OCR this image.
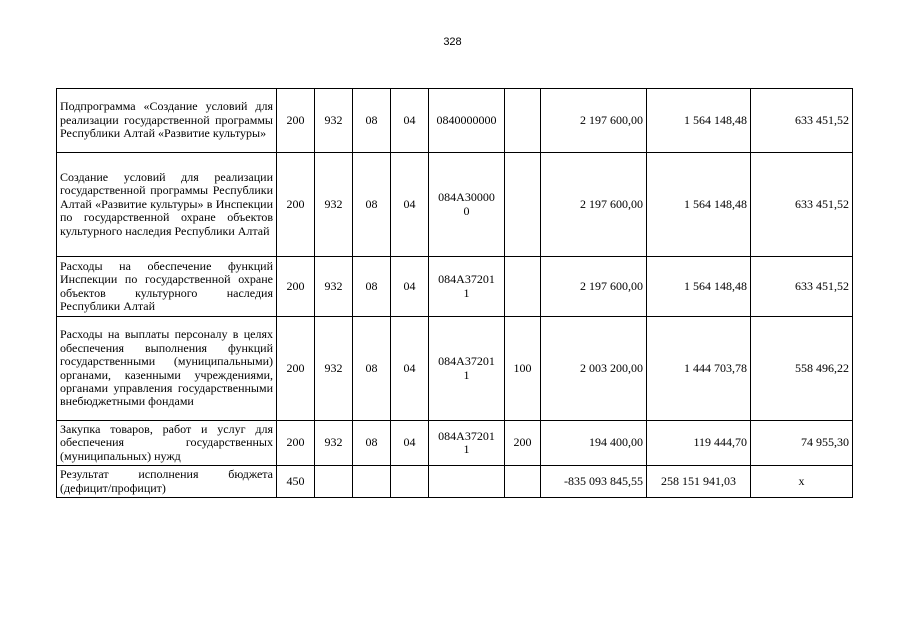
328
Подпрограмма «Создание условий для реализации государственной программы Республики Алтай «Развитие культуры»	200	932	08	04	0840000000		2 197 600,00	1 564 148,48	633 451,52
Создание условий для реализации государственной программы Республики Алтай «Развитие культуры» в Инспекции по государственной охране объектов культурного наследия Республики Алтай	200	932	08	04	084А300000		2 197 600,00	1 564 148,48	633 451,52
Расходы на обеспечение функций Инспекции по государственной охране объектов культурного наследия Республики Алтай	200	932	08	04	084А372011		2 197 600,00	1 564 148,48	633 451,52
Расходы на выплаты персоналу в целях обеспечения выполнения функций государственными (муниципальными) органами, казенными учреждениями, органами управления государственными внебюджетными фондами	200	932	08	04	084А372011	100	2 003 200,00	1 444 703,78	558 496,22
Закупка товаров, работ и услуг для обеспечения государственных (муниципальных) нужд	200	932	08	04	084А372011	200	194 400,00	119 444,70	74 955,30
Результат исполнения бюджета (дефицит/профицит)	450						-835 093 845,55	258 151 941,03	x
